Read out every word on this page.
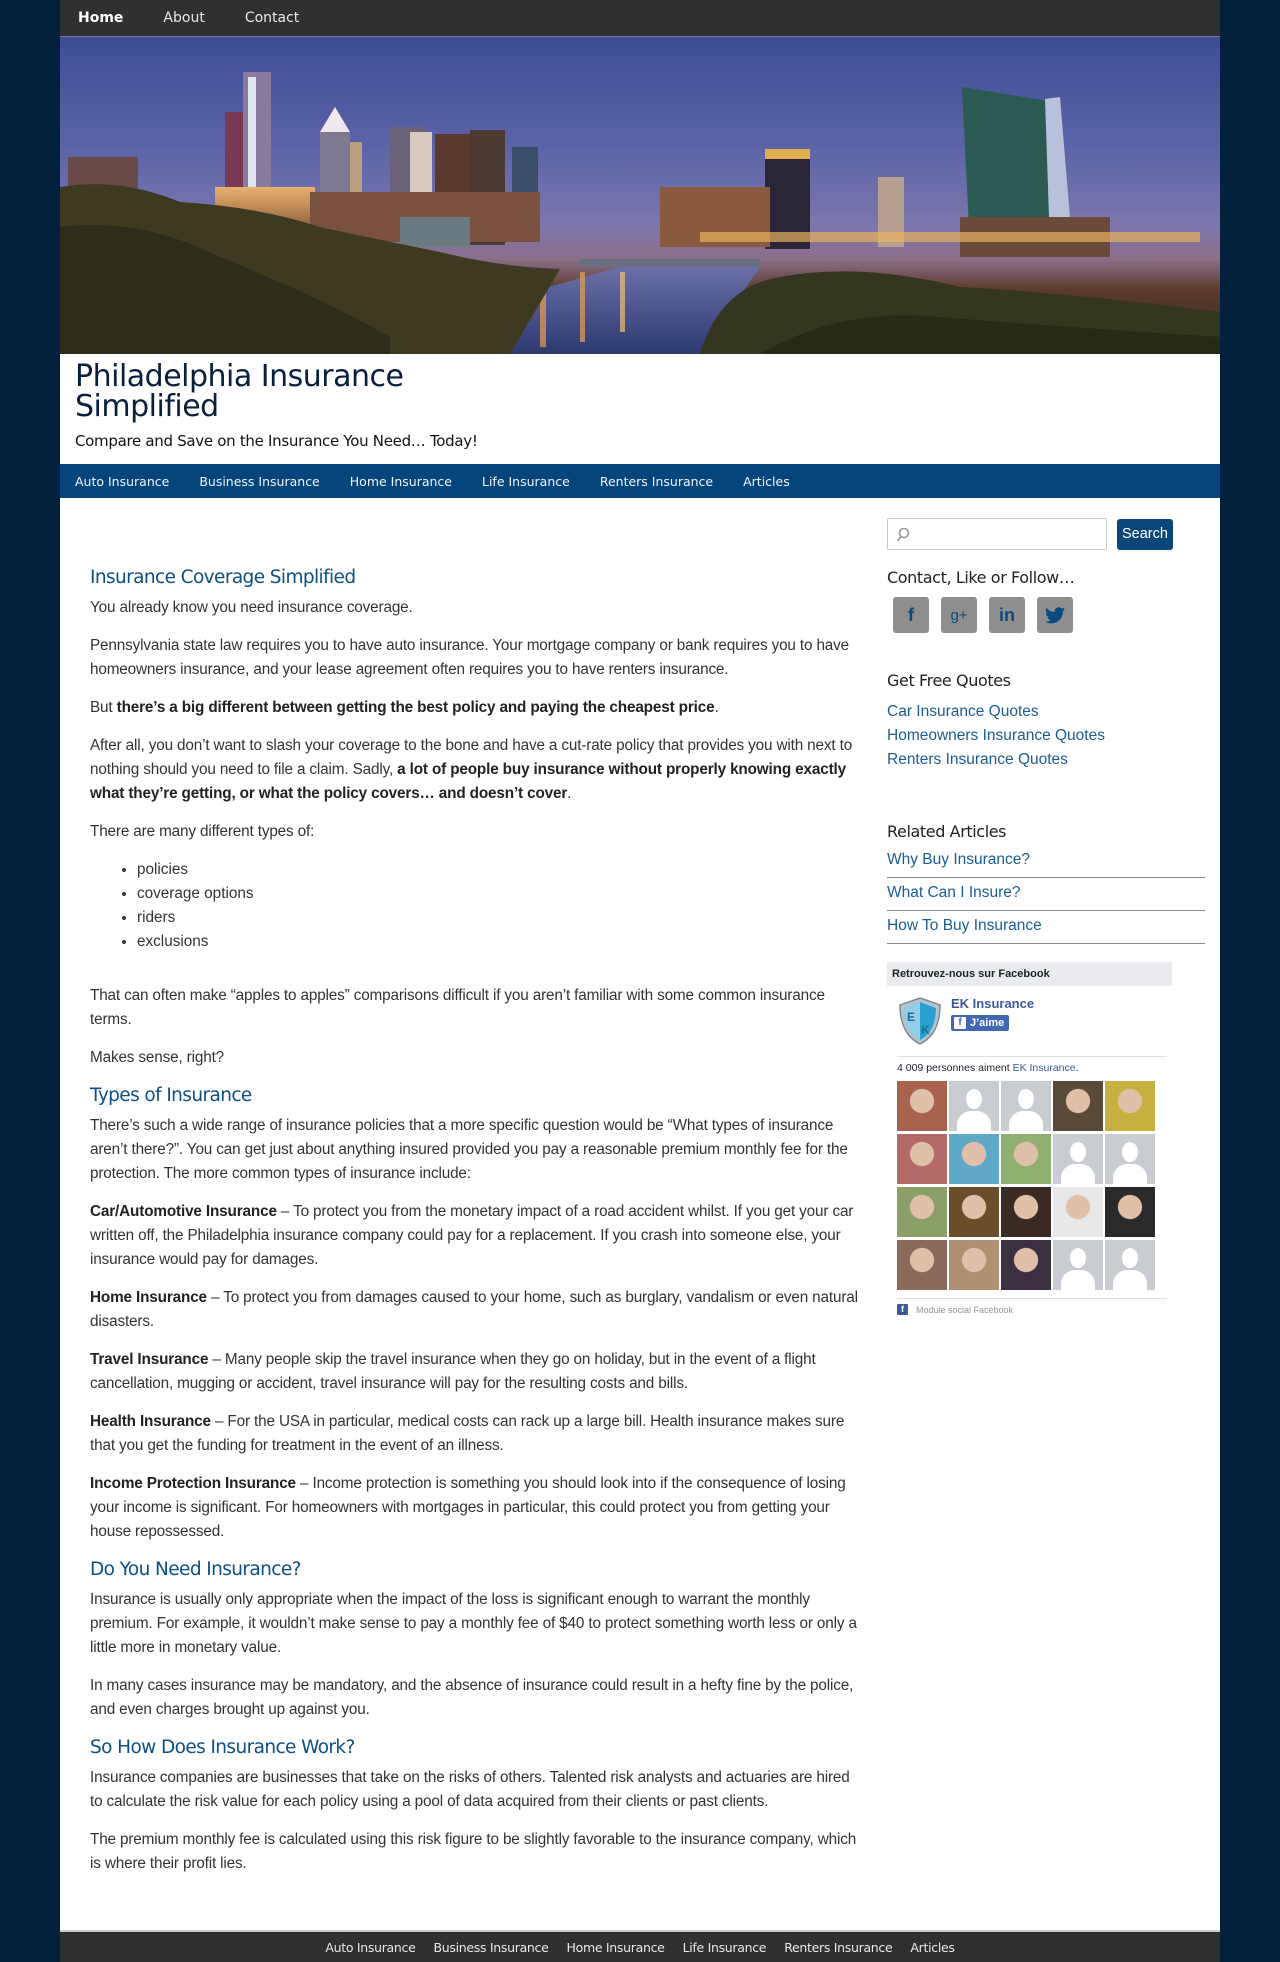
Home	About	Contact
Philadelphia Insurance Simplified
Compare and Save on the Insurance You Need… Today!
Auto Insurance Business Insurance Home Insurance Life Insurance Renters Insurance Articles
Insurance Coverage Simplified

You already know you need insurance coverage.

Pennsylvania state law requires you to have auto insurance. Your mortgage company or bank requires you to have homeowners insurance, and your lease agreement often requires you to have renters insurance.

But there’s a big different between getting the best policy and paying the cheapest price.

After all, you don’t want to slash your coverage to the bone and have a cut-rate policy that provides you with next to nothing should you need to file a claim. Sadly, a lot of people buy insurance without properly knowing exactly what they’re getting, or what the policy covers… and doesn’t cover.

There are many different types of:

• policies
• coverage options
• riders
• exclusions

That can often make “apples to apples” comparisons difficult if you aren’t familiar with some common insurance terms.

Makes sense, right?

Types of Insurance

There’s such a wide range of insurance policies that a more specific question would be “What types of insurance aren’t there?”. You can get just about anything insured provided you pay a reasonable premium monthly fee for the protection. The more common types of insurance include:

Car/Automotive Insurance – To protect you from the monetary impact of a road accident whilst. If you get your car written off, the Philadelphia insurance company could pay for a replacement. If you crash into someone else, your insurance would pay for damages.

Home Insurance – To protect you from damages caused to your home, such as burglary, vandalism or even natural disasters.

Travel Insurance – Many people skip the travel insurance when they go on holiday, but in the event of a flight cancellation, mugging or accident, travel insurance will pay for the resulting costs and bills.

Health Insurance – For the USA in particular, medical costs can rack up a large bill. Health insurance makes sure that you get the funding for treatment in the event of an illness.

Income Protection Insurance – Income protection is something you should look into if the consequence of losing your income is significant. For homeowners with mortgages in particular, this could protect you from getting your house repossessed.

Do You Need Insurance?

Insurance is usually only appropriate when the impact of the loss is significant enough to warrant the monthly premium. For example, it wouldn’t make sense to pay a monthly fee of $40 to protect something worth less or only a little more in monetary value.

In many cases insurance may be mandatory, and the absence of insurance could result in a hefty fine by the police, and even charges brought up against you.

So How Does Insurance Work?

Insurance companies are businesses that take on the risks of others. Talented risk analysts and actuaries are hired to calculate the risk value for each policy using a pool of data acquired from their clients or past clients.

The premium monthly fee is calculated using this risk figure to be slightly favorable to the insurance company, which is where their profit lies.

Search
Contact, Like or Follow…
f	g+	in
Get Free Quotes
Car Insurance Quotes
Homeowners Insurance Quotes
Renters Insurance Quotes
Related Articles
Why Buy Insurance?
What Can I Insure?
How To Buy Insurance
Retrouvez-nous sur Facebook
E
K
EK Insurance
f J’aime
4 009 personnes aiment EK Insurance.
f	Module social Facebook
Auto Insurance Business Insurance Home Insurance Life Insurance Renters Insurance Articles
